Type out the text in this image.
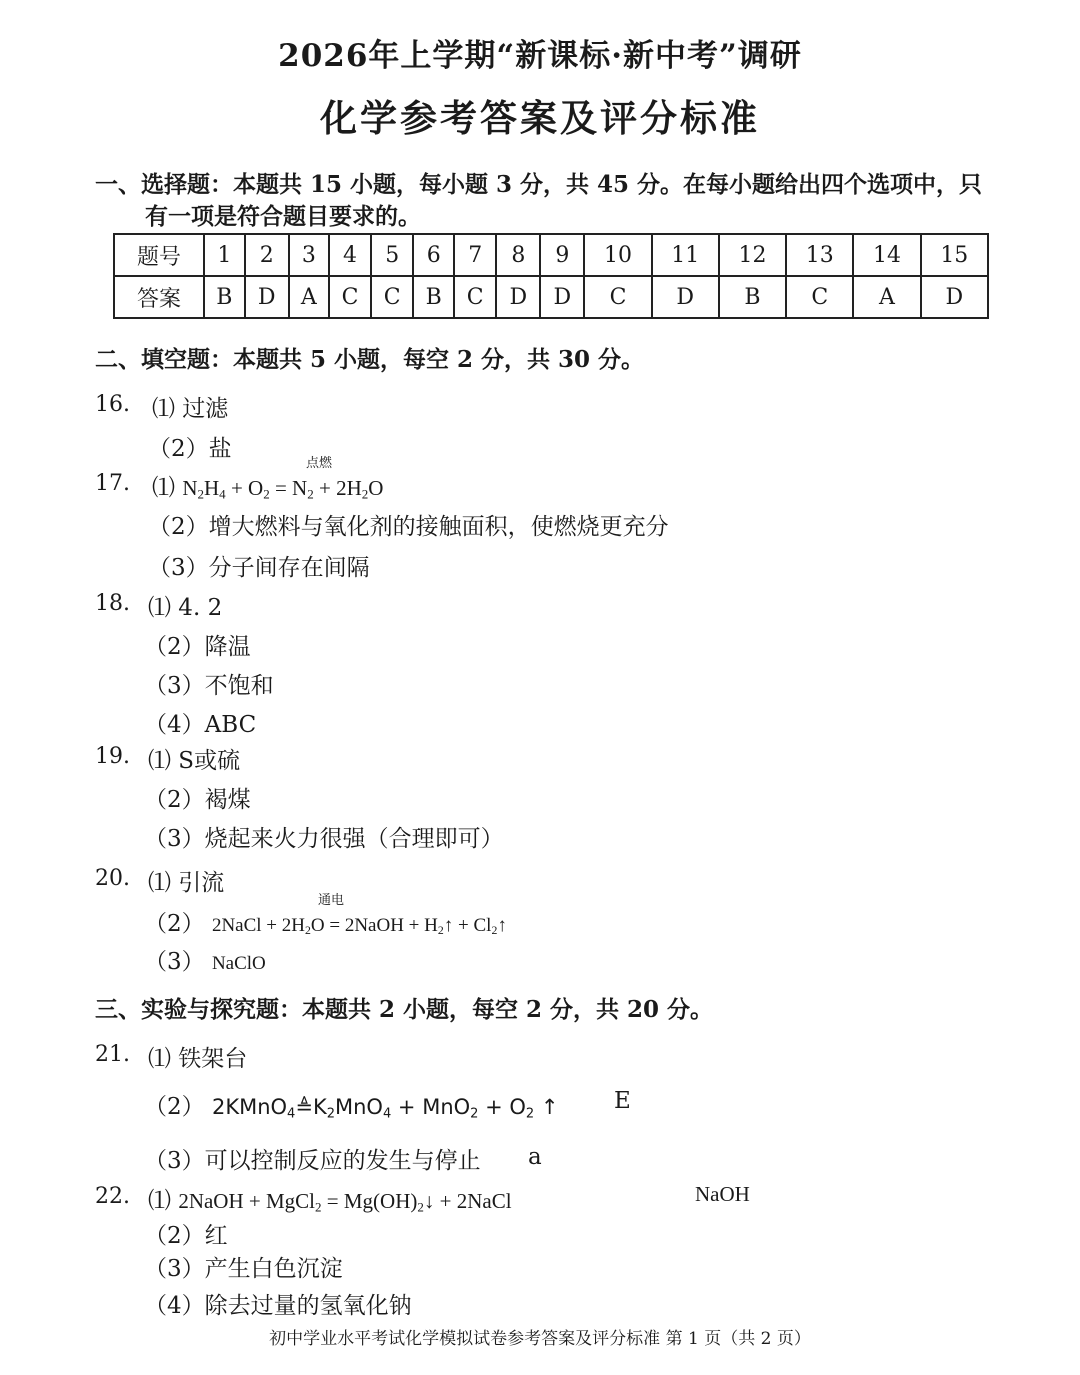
2026年上学期“新课标·新中考”调研
化学参考答案及评分标准
一、选择题：本题共 15 小题，每小题 3 分，共 45 分。在每小题给出四个选项中，只
有一项是符合题目要求的。
题号	1	2	3	4	5	6	7	8	9	10	11	12	13	14	15
答案	B	D	A	C	C	B	C	D	D	C	D	B	C	A	D
二、填空题：本题共 5 小题，每空 2 分，共 30 分。
16. ⑴ 过滤
（2）盐
17. ⑴ $N_2H_4 + O_2 = N_2 + 2H_2O$
点燃
（2）增大燃料与氧化剂的接触面积，使燃烧更充分
（3）分子间存在间隔
18. ⑴ 4. 2
（2）降温
（3）不饱和
（4）ABC
19. ⑴ S或硫
（2）褐煤
（3）烧起来火力很强（合理即可）
20. ⑴ 引流
（2） 2NaCl + $2H_2O$ = 2NaOH + $H_2↑$ + $Cl_2↑$
通电
（3） NaClO
三、实验与探究题：本题共 2 小题，每空 2 分，共 20 分。
21. ⑴ 铁架台
（2） $2KMnO_4≜K_2MnO_4 + MnO_2 + O_2$ ↑ E
（3）可以控制反应的发生与停止 a
22. ⑴ 2NaOH + MgCl$_2$ = $Mg(OH)_2↓$ + 2NaCl	NaOH
（2）红
（3）产生白色沉淀
（4）除去过量的氢氧化钠
初中学业水平考试化学模拟试卷参考答案及评分标准 第 1 页（共 2 页）
